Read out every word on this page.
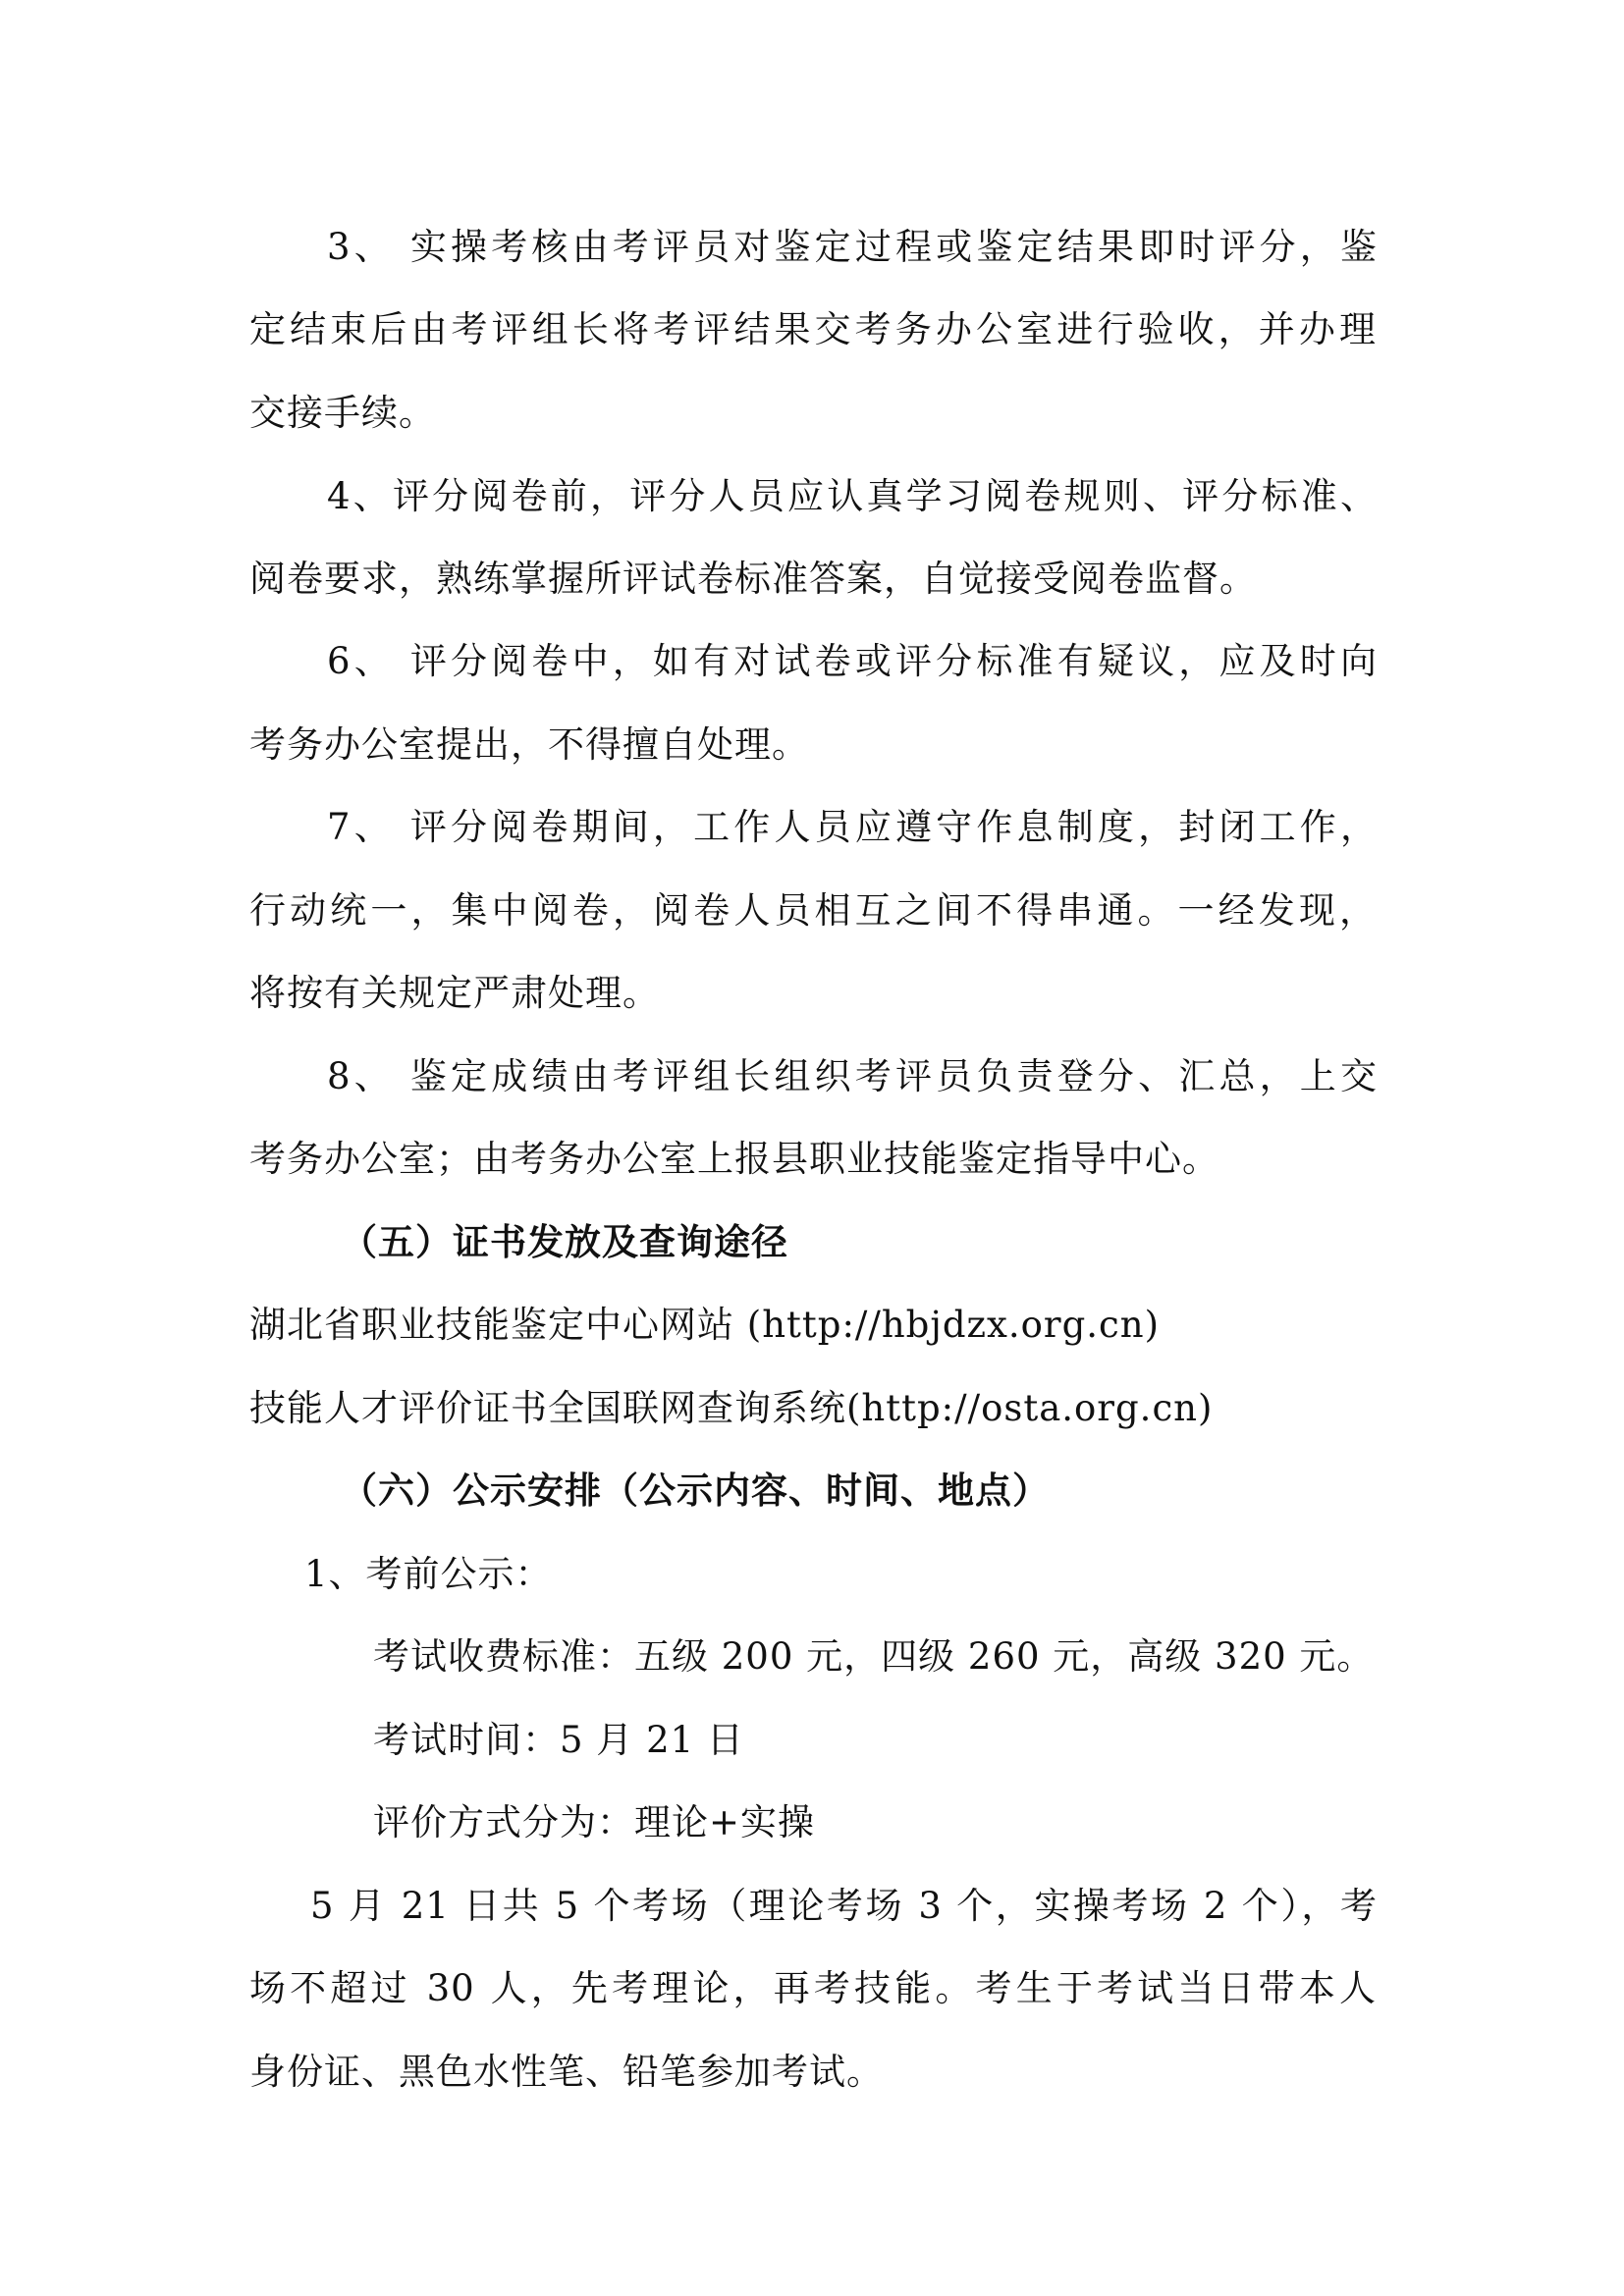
3、 实操考核由考评员对鉴定过程或鉴定结果即时评分，鉴
定结束后由考评组长将考评结果交考务办公室进行验收，并办理
交接手续。
4、评分阅卷前，评分人员应认真学习阅卷规则、评分标准、
阅卷要求，熟练掌握所评试卷标准答案，自觉接受阅卷监督。
6、 评分阅卷中，如有对试卷或评分标准有疑议，应及时向
考务办公室提出，不得擅自处理。
7、 评分阅卷期间，工作人员应遵守作息制度，封闭工作，
行动统一，集中阅卷，阅卷人员相互之间不得串通。一经发现，
将按有关规定严肃处理。
8、 鉴定成绩由考评组长组织考评员负责登分、汇总，上交
考务办公室；由考务办公室上报县职业技能鉴定指导中心。
（五）证书发放及查询途径
湖北省职业技能鉴定中心网站 (http://hbjdzx.org.cn)
技能人才评价证书全国联网查询系统(http://osta.org.cn)
（六）公示安排（公示内容、时间、地点）
1、考前公示：
考试收费标准：五级 200 元，四级 260 元，高级 320 元。
考试时间：5 月 21 日
评价方式分为：理论+实操
5 月 21 日共 5 个考场（理论考场 3 个，实操考场 2 个），考
场不超过 30 人，先考理论，再考技能。考生于考试当日带本人
身份证、黑色水性笔、铅笔参加考试。
